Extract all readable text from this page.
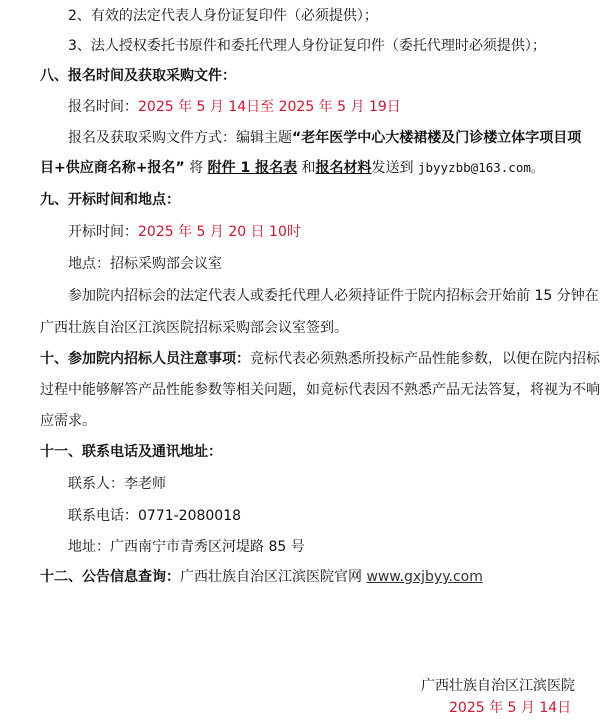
2、有效的法定代表人身份证复印件（必须提供）；
3、法人授权委托书原件和委托代理人身份证复印件（委托代理时必须提供）；
八、报名时间及获取采购文件：
报名时间：2025 年 5 月 14日至 2025 年 5 月 19日
报名及获取采购文件方式：编辑主题“老年医学中心大楼裙楼及门诊楼立体字项目项
目+供应商名称+报名” 将 附件 1 报名表 和报名材料发送到 jbyyzbb@163.com。
九、开标时间和地点：
开标时间：2025 年 5 月 20 日 10时
地点：招标采购部会议室
参加院内招标会的法定代表人或委托代理人必须持证件于院内招标会开始前 15 分钟在
广西壮族自治区江滨医院招标采购部会议室签到。
十、参加院内招标人员注意事项：竞标代表必须熟悉所投标产品性能参数，以便在院内招标
过程中能够解答产品性能参数等相关问题，如竞标代表因不熟悉产品无法答复，将视为不响
应需求。
十一、联系电话及通讯地址：
联系人：李老师
联系电话：0771-2080018
地址：广西南宁市青秀区河堤路 85 号
十二、公告信息查询：广西壮族自治区江滨医院官网 www.gxjbyy.com
广西壮族自治区江滨医院
2025 年 5 月 14日
